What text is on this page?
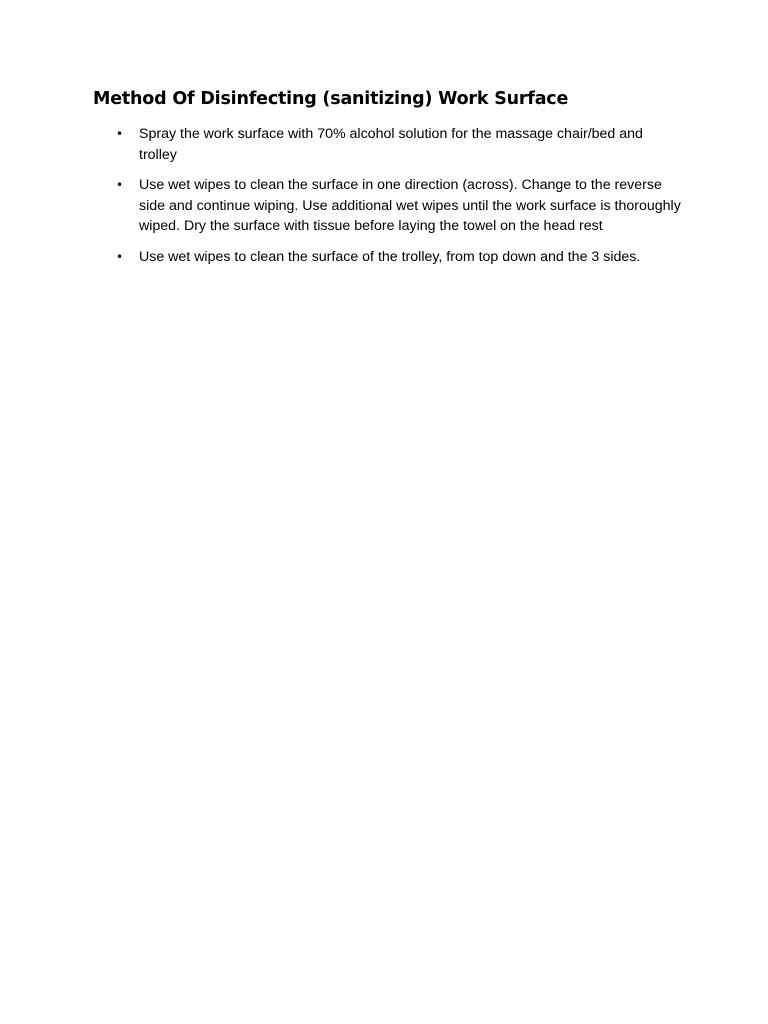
Method Of Disinfecting (sanitizing) Work Surface
• Spray the work surface with 70% alcohol solution for the massage chair/bed and trolley
• Use wet wipes to clean the surface in one direction (across). Change to the reverse side and continue wiping. Use additional wet wipes until the work surface is thoroughly wiped. Dry the surface with tissue before laying the towel on the head rest
• Use wet wipes to clean the surface of the trolley, from top down and the 3 sides.
